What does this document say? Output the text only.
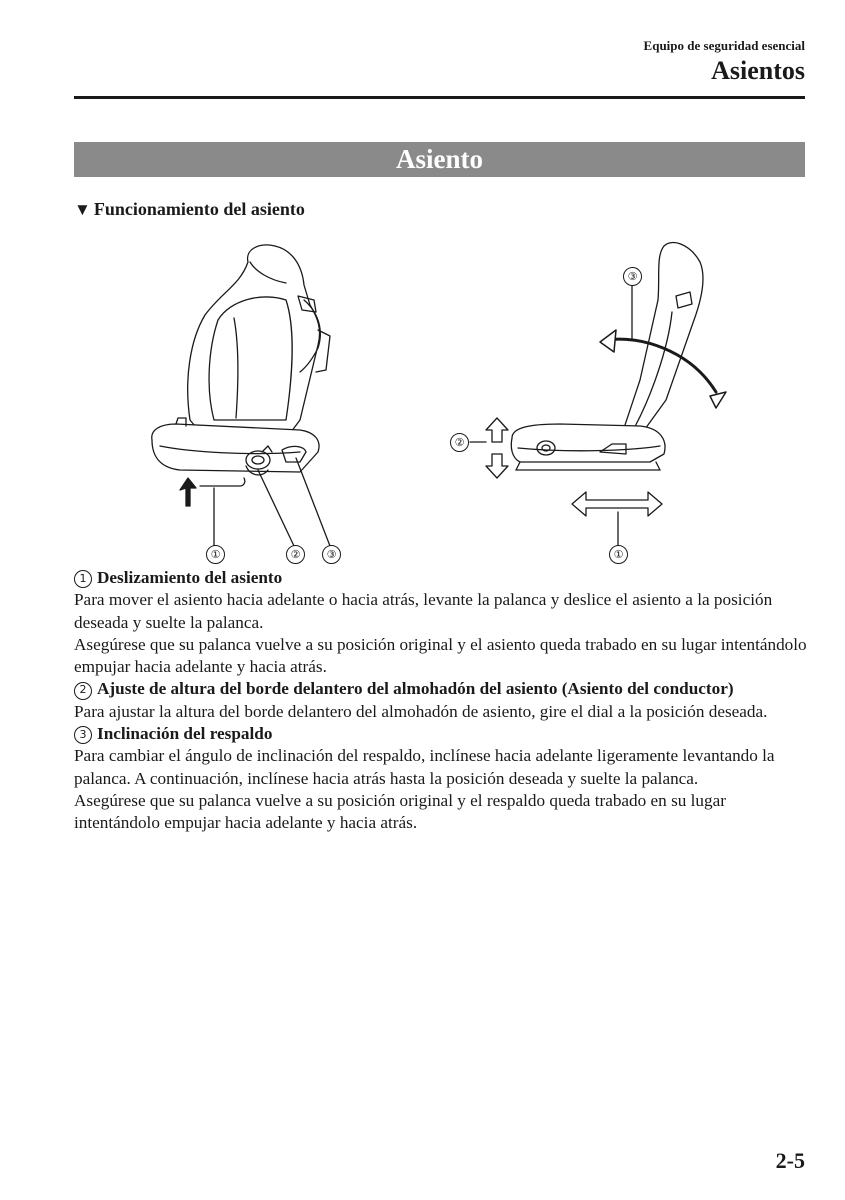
Equipo de seguridad esencial
Asientos
Asiento
▼ Funcionamiento del asiento
①	②	③
③
②
①

1 Deslizamiento del asiento

Para mover el asiento hacia adelante o hacia atrás, levante la palanca y deslice el asiento a la posición deseada y suelte la palanca.

Asegúrese que su palanca vuelve a su posición original y el asiento queda trabado en su lugar intentándolo empujar hacia adelante y hacia atrás.

2 Ajuste de altura del borde delantero del almohadón del asiento (Asiento del conductor)

Para ajustar la altura del borde delantero del almohadón de asiento, gire el dial a la posición deseada.

3 Inclinación del respaldo

Para cambiar el ángulo de inclinación del respaldo, inclínese hacia adelante ligeramente levantando la palanca. A continuación, inclínese hacia atrás hasta la posición deseada y suelte la palanca.

Asegúrese que su palanca vuelve a su posición original y el respaldo queda trabado en su lugar intentándolo empujar hacia adelante y hacia atrás.

2-5
